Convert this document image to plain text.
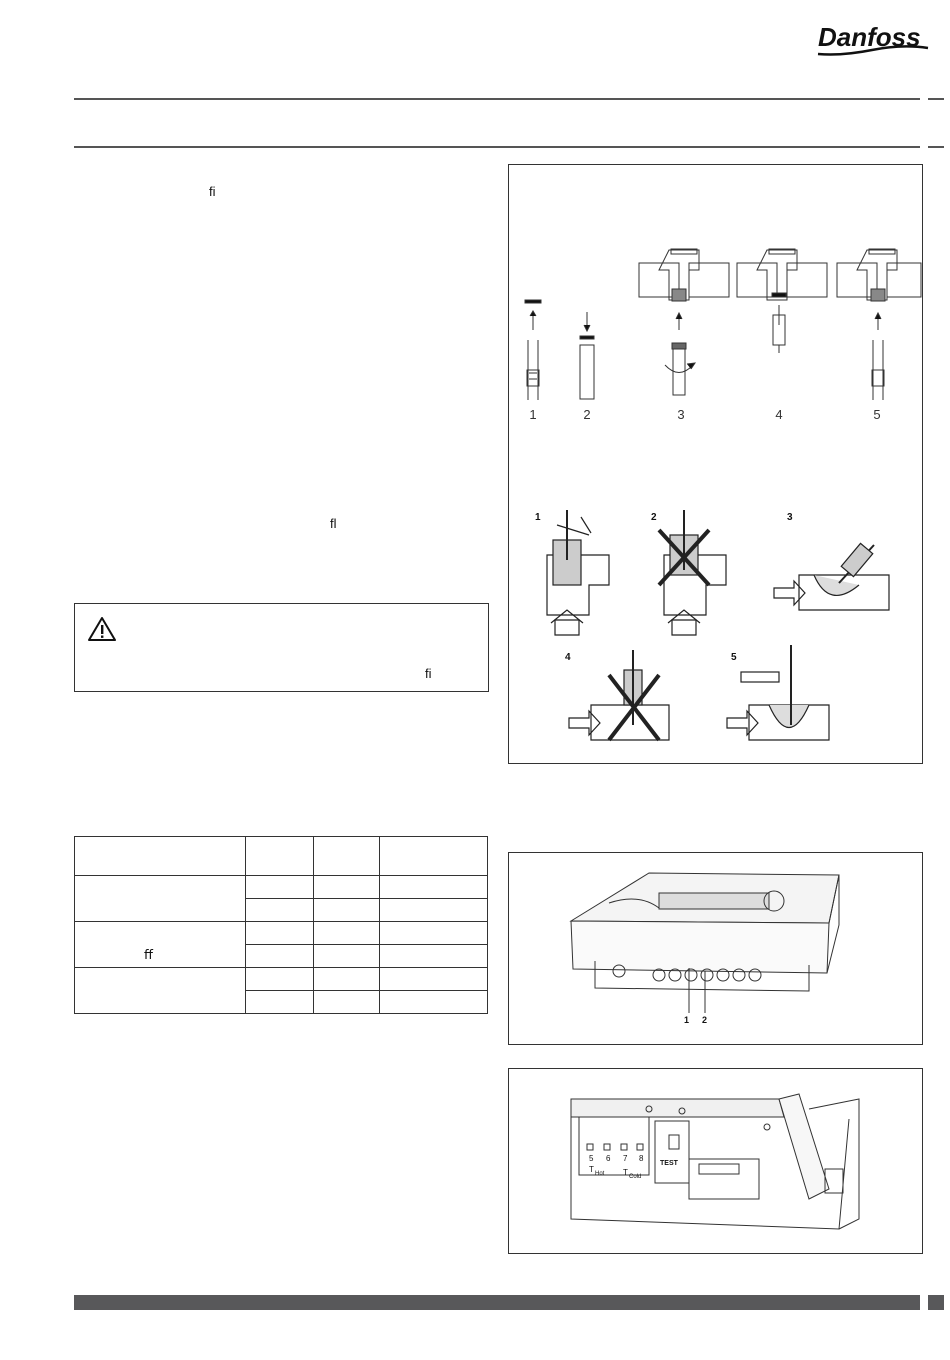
Danfoss
ﬁ
ﬂ
ﬁ

ﬀ			

1	2	3	4	5
1	2	3
4	5
1 2
5 6 7 8
T Hot T Cold
TEST
